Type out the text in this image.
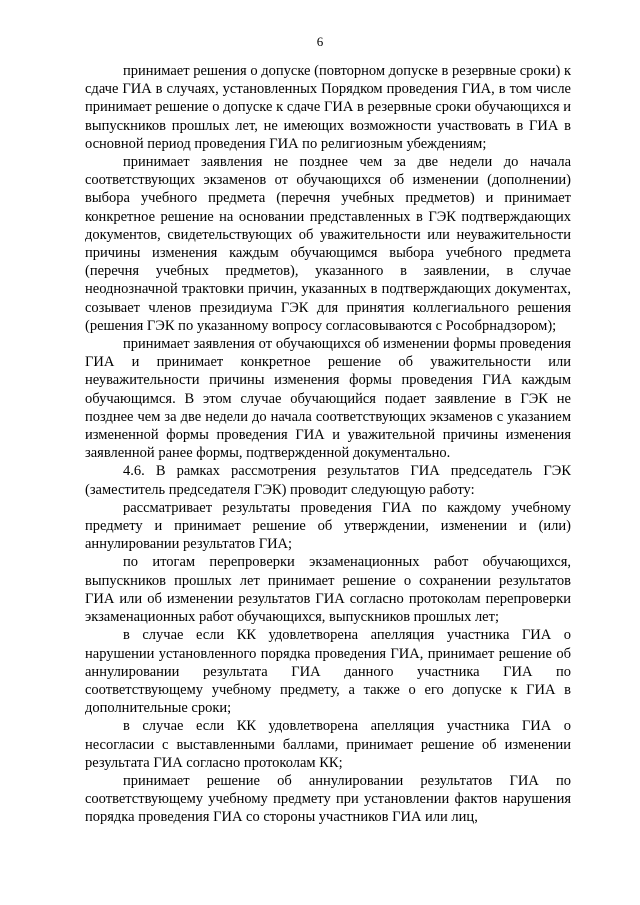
6

принимает решения о допуске (повторном допуске в резервные сроки) к сдаче ГИА в случаях, установленных Порядком проведения ГИА, в том числе принимает решение о допуске к сдаче ГИА в резервные сроки обучающихся и выпускников прошлых лет, не имеющих возможности участвовать в ГИА в основной период проведения ГИА по религиозным убеждениям;

принимает заявления не позднее чем за две недели до начала соответствующих экзаменов от обучающихся об изменении (дополнении) выбора учебного предмета (перечня учебных предметов) и принимает конкретное решение на основании представленных в ГЭК подтверждающих документов, свидетельствующих об уважительности или неуважительности причины изменения каждым обучающимся выбора учебного предмета (перечня учебных предметов), указанного в заявлении, в случае неоднозначной трактовки причин, указанных в подтверждающих документах, созывает членов президиума ГЭК для принятия коллегиального решения (решения ГЭК по указанному вопросу согласовываются с Рособрнадзором);

принимает заявления от обучающихся об изменении формы проведения ГИА и принимает конкретное решение об уважительности или неуважительности причины изменения формы проведения ГИА каждым обучающимся. В этом случае обучающийся подает заявление в ГЭК не позднее чем за две недели до начала соответствующих экзаменов с указанием измененной формы проведения ГИА и уважительной причины изменения заявленной ранее формы, подтвержденной документально.

4.6. В рамках рассмотрения результатов ГИА председатель ГЭК (заместитель председателя ГЭК) проводит следующую работу:

рассматривает результаты проведения ГИА по каждому учебному предмету и принимает решение об утверждении, изменении и (или) аннулировании результатов ГИА;

по итогам перепроверки экзаменационных работ обучающихся, выпускников прошлых лет принимает решение о сохранении результатов ГИА или об изменении результатов ГИА согласно протоколам перепроверки экзаменационных работ обучающихся, выпускников прошлых лет;

в случае если КК удовлетворена апелляция участника ГИА о нарушении установленного порядка проведения ГИА, принимает решение об аннулировании результата ГИА данного участника ГИА по соответствующему учебному предмету, а также о его допуске к ГИА в дополнительные сроки;

в случае если КК удовлетворена апелляция участника ГИА о несогласии с выставленными баллами, принимает решение об изменении результата ГИА согласно протоколам КК;

принимает решение об аннулировании результатов ГИА по соответствующему учебному предмету при установлении фактов нарушения порядка проведения ГИА со стороны участников ГИА или лиц,
